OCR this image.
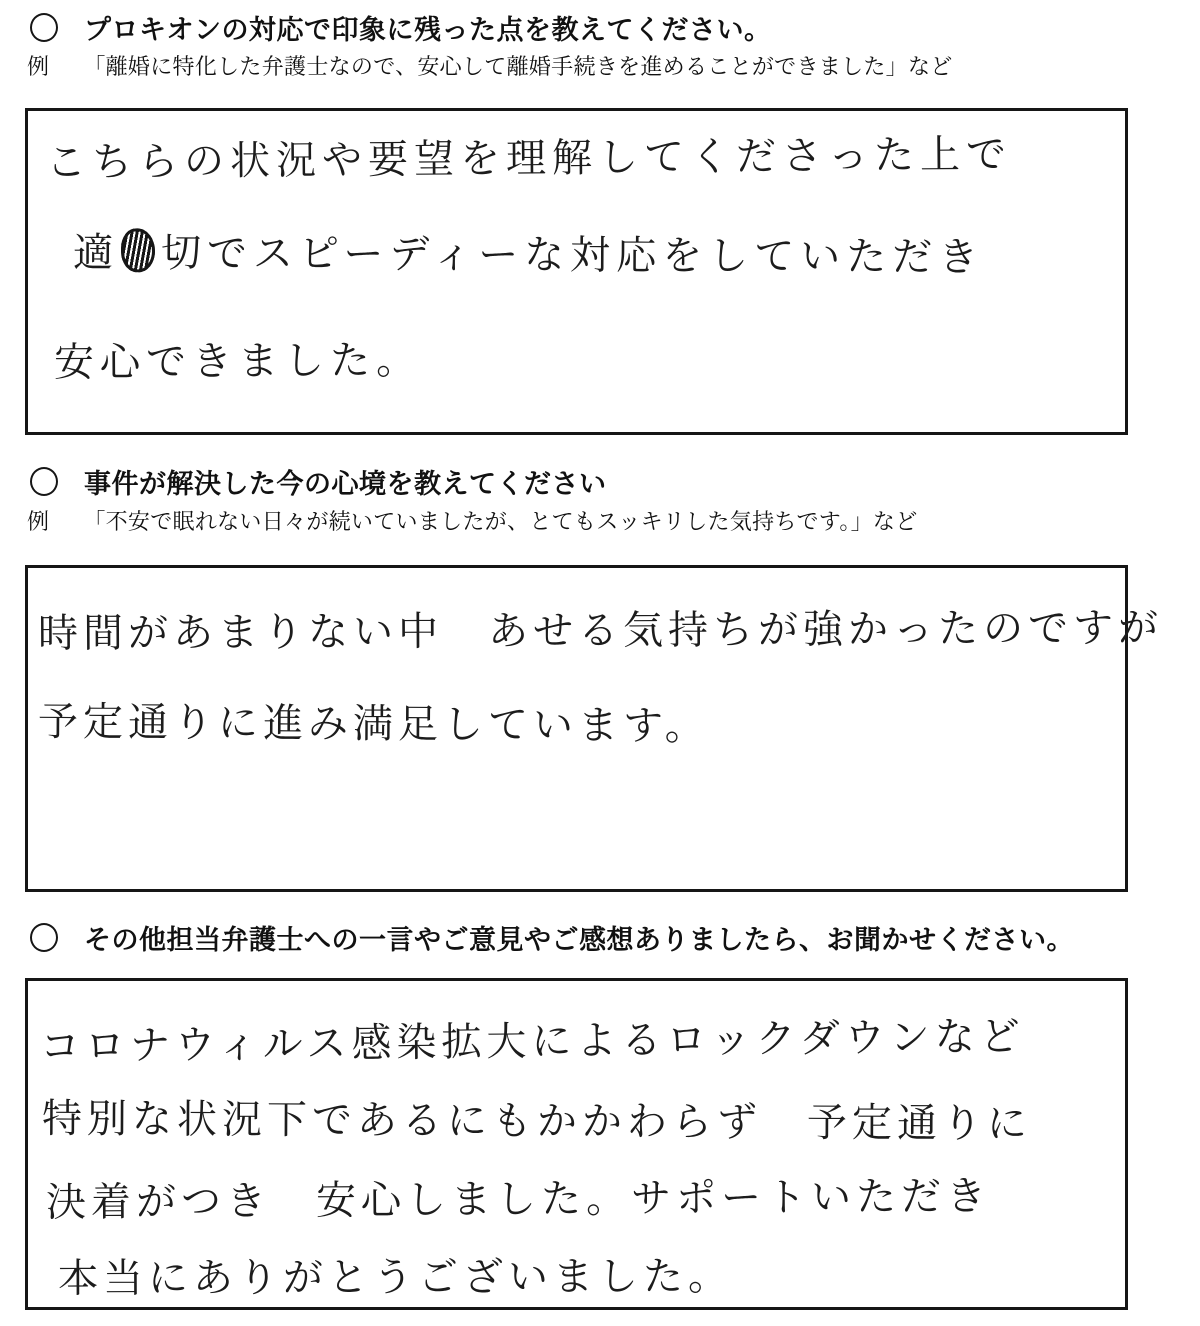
プロキオンの対応で印象に残った点を教えてください。
例 「離婚に特化した弁護士なので、安心して離婚手続きを進めることができました」など
こちらの状況や要望を理解してくださった上で
適 切でスピーディーな対応をしていただき
安心できました。
事件が解決した今の心境を教えてください
例 「不安で眠れない日々が続いていましたが、とてもスッキリした気持ちです。」など
時間があまりない中　あせる気持ちが強かったのですが
予定通りに進み満足しています。
その他担当弁護士への一言やご意見やご感想ありましたら、お聞かせください。
コロナウィルス感染拡大によるロックダウンなど
特別な状況下であるにもかかわらず　予定通りに
決着がつき　安心しました。サポートいただき
本当にありがとうございました。
